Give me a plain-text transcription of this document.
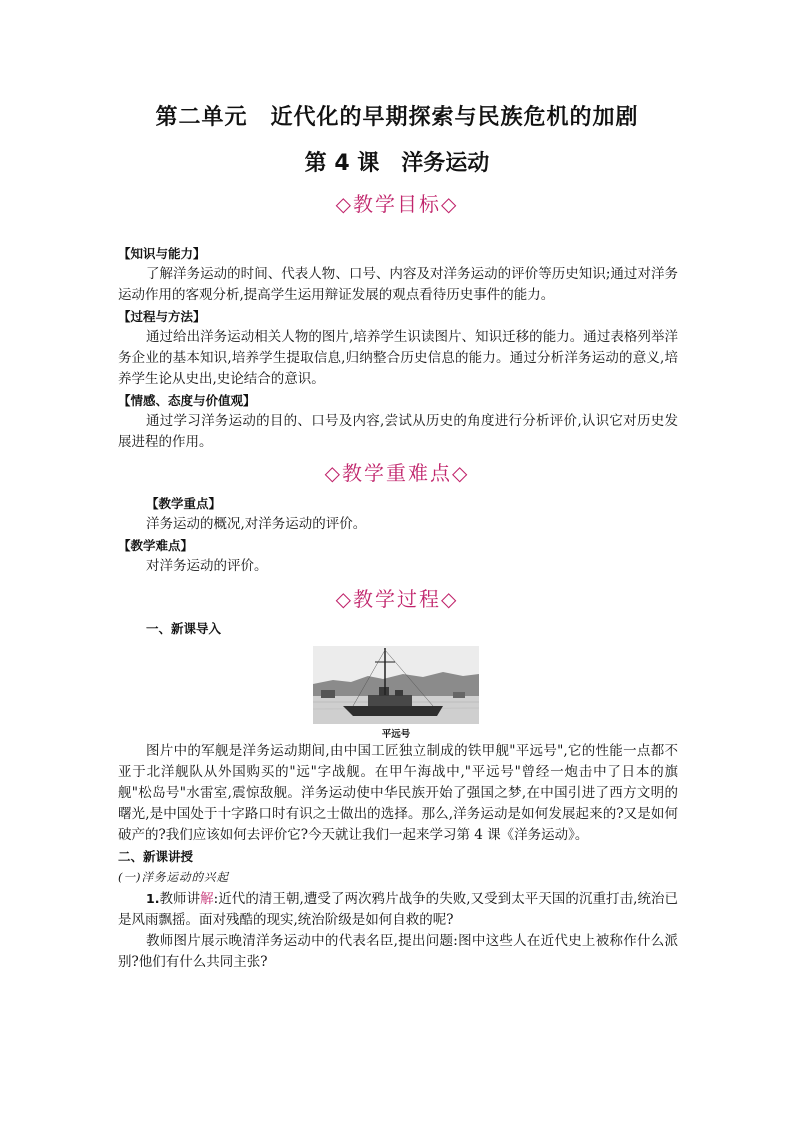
第二单元　近代化的早期探索与民族危机的加剧
第 4 课　洋务运动
◇教学目标◇
【知识与能力】
了解洋务运动的时间、代表人物、口号、内容及对洋务运动的评价等历史知识;通过对洋务运动作用的客观分析,提高学生运用辩证发展的观点看待历史事件的能力。
【过程与方法】
通过给出洋务运动相关人物的图片,培养学生识读图片、知识迁移的能力。通过表格列举洋务企业的基本知识,培养学生提取信息,归纳整合历史信息的能力。通过分析洋务运动的意义,培养学生论从史出,史论结合的意识。
【情感、态度与价值观】
通过学习洋务运动的目的、口号及内容,尝试从历史的角度进行分析评价,认识它对历史发展进程的作用。
◇教学重难点◇
【教学重点】
洋务运动的概况,对洋务运动的评价。
【教学难点】
对洋务运动的评价。
◇教学过程◇
一、新课导入
平远号
图片中的军舰是洋务运动期间,由中国工匠独立制成的铁甲舰"平远号",它的性能一点都不亚于北洋舰队从外国购买的"远"字战舰。在甲午海战中,"平远号"曾经一炮击中了日本的旗舰"松岛号"水雷室,震惊敌舰。洋务运动使中华民族开始了强国之梦,在中国引进了西方文明的曙光,是中国处于十字路口时有识之士做出的选择。那么,洋务运动是如何发展起来的?又是如何破产的?我们应该如何去评价它?今天就让我们一起来学习第 4 课《洋务运动》。
二、新课讲授
(一)洋务运动的兴起
1.教师讲解:近代的清王朝,遭受了两次鸦片战争的失败,又受到太平天国的沉重打击,统治已是风雨飘摇。面对残酷的现实,统治阶级是如何自救的呢?
教师图片展示晚清洋务运动中的代表名臣,提出问题:图中这些人在近代史上被称作什么派别?他们有什么共同主张?
